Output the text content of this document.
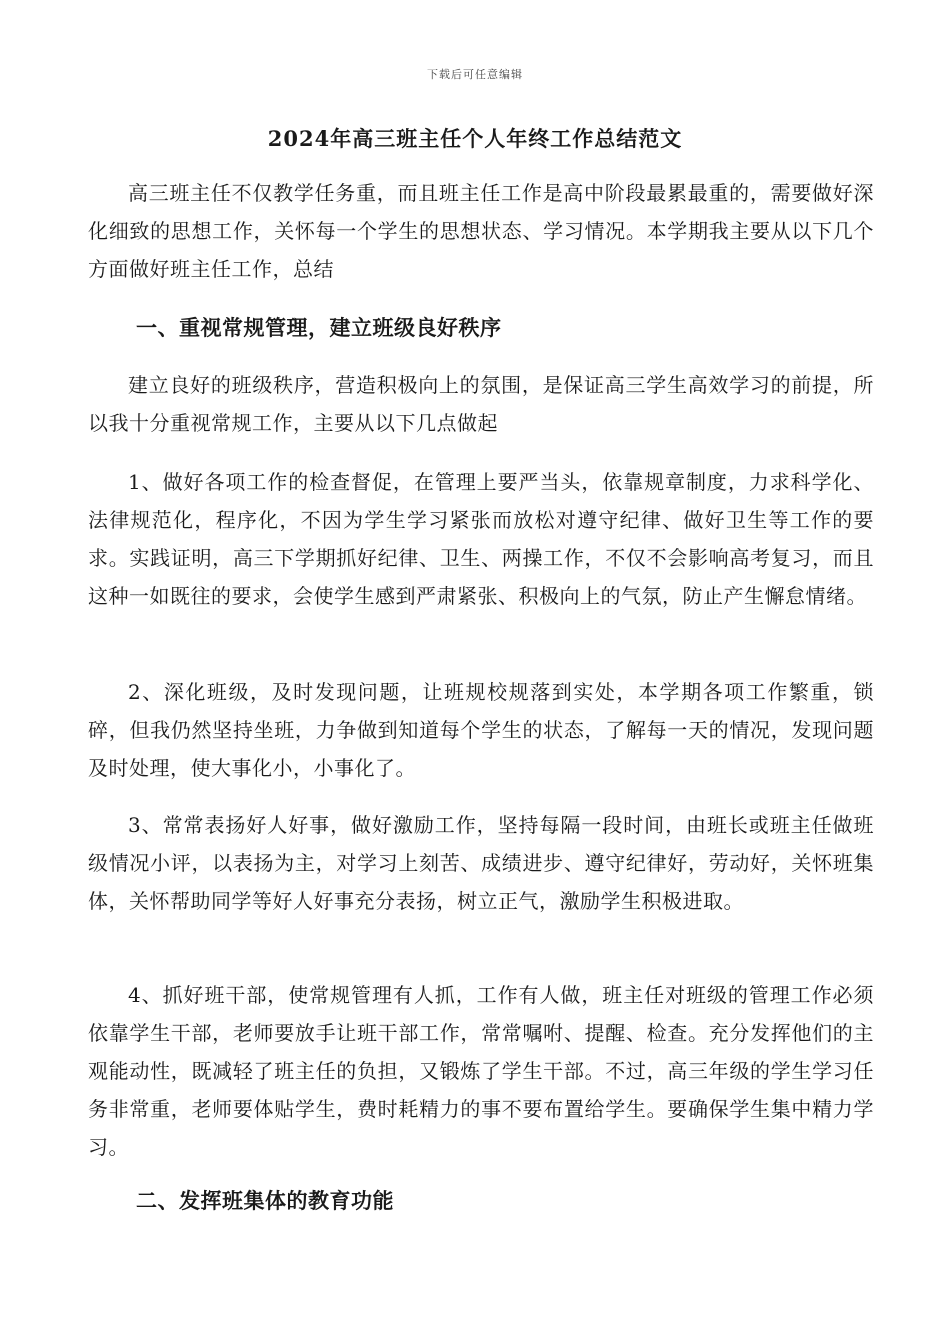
下载后可任意编辑
2024年高三班主任个人年终工作总结范文

高三班主任不仅教学任务重，而且班主任工作是高中阶段最累最重的，需要做好深化细致的思想工作，关怀每一个学生的思想状态、学习情况。本学期我主要从以下几个方面做好班主任工作，总结

一、重视常规管理，建立班级良好秩序

建立良好的班级秩序，营造积极向上的氛围，是保证高三学生高效学习的前提，所以我十分重视常规工作，主要从以下几点做起

1、做好各项工作的检查督促，在管理上要严当头，依靠规章制度，力求科学化、法律规范化，程序化，不因为学生学习紧张而放松对遵守纪律、做好卫生等工作的要求。实践证明，高三下学期抓好纪律、卫生、两操工作，不仅不会影响高考复习，而且这种一如既往的要求，会使学生感到严肃紧张、积极向上的气氛，防止产生懈怠情绪。

2、深化班级，及时发现问题，让班规校规落到实处，本学期各项工作繁重，锁碎，但我仍然坚持坐班，力争做到知道每个学生的状态，了解每一天的情况，发现问题及时处理，使大事化小，小事化了。

3、常常表扬好人好事，做好激励工作，坚持每隔一段时间，由班长或班主任做班级情况小评，以表扬为主，对学习上刻苦、成绩进步、遵守纪律好，劳动好，关怀班集体，关怀帮助同学等好人好事充分表扬，树立正气，激励学生积极进取。

4、抓好班干部，使常规管理有人抓，工作有人做，班主任对班级的管理工作必须依靠学生干部，老师要放手让班干部工作，常常嘱咐、提醒、检查。充分发挥他们的主观能动性，既减轻了班主任的负担，又锻炼了学生干部。不过，高三年级的学生学习任务非常重，老师要体贴学生，费时耗精力的事不要布置给学生。要确保学生集中精力学习。

二、发挥班集体的教育功能
